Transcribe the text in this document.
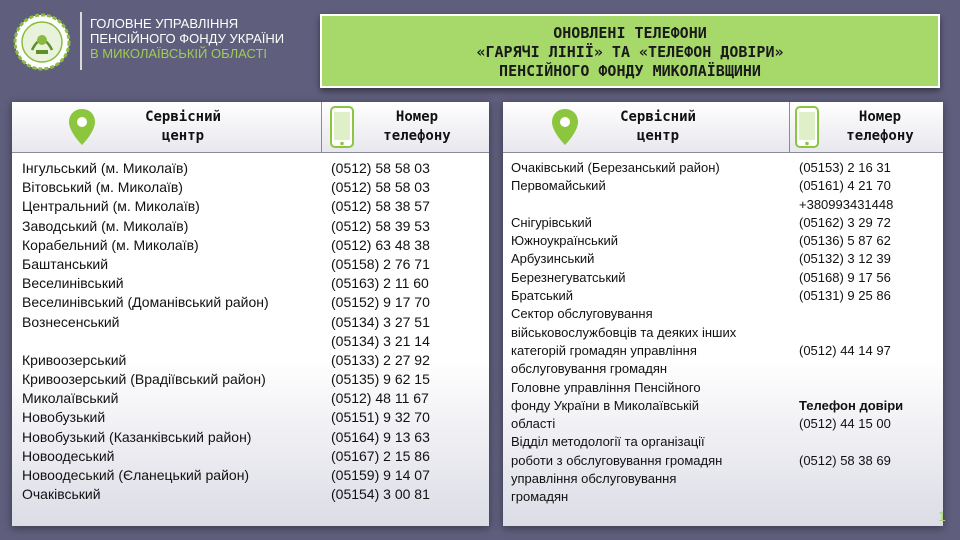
ГОЛОВНЕ УПРАВЛІННЯ
ПЕНСІЙНОГО ФОНДУ УКРАЇНИ
В МИКОЛАЇВСЬКІЙ ОБЛАСТІ
ОНОВЛЕНІ ТЕЛЕФОНИ
«ГАРЯЧІ ЛІНІЇ» ТА «ТЕЛЕФОН ДОВІРИ»
ПЕНСІЙНОГО ФОНДУ МИКОЛАЇВЩИНИ
Сервісний
центр
Номер
телефону
Інгульський (м. Миколаїв)
Вітовський (м. Миколаїв)
Центральний (м. Миколаїв)
Заводський (м. Миколаїв)
Корабельний (м. Миколаїв)
Баштанський
Веселинівський
Веселинівський (Доманівський район)
Вознесенський
Кривоозерський
Кривоозерський (Врадіївський район)
Миколаївський
Новобузький
Новобузький (Казанківський район)
Новоодеський
Новоодеський (Єланецький район)
Очаківський
(0512) 58 58 03
(0512) 58 58 03
(0512) 58 38 57
(0512) 58 39 53
(0512) 63 48 38
(05158) 2 76 71
(05163) 2 11 60
(05152) 9 17 70
(05134) 3 27 51
(05134) 3 21 14
(05133) 2 27 92
(05135) 9 62 15
(0512) 48 11 67
(05151) 9 32 70
(05164) 9 13 63
(05167) 2 15 86
(05159) 9 14 07
(05154) 3 00 81
Сервісний
центр
Номер
телефону
Очаківський (Березанський район)
Первомайський
Снігурівський
Южноукраїнський
Арбузинський
Березнегуватський
Братський
Сектор обслуговування
військовослужбовців та деяких інших
категорій громадян управління
обслуговування громадян
Головне управління Пенсійного
фонду України в Миколаївській
області
Відділ методології та організації
роботи з обслуговування громадян
управління обслуговування
громадян
(05153) 2 16 31
(05161) 4 21 70
+380993431448
(05162) 3 29 72
(05136) 5 87 62
(05132) 3 12 39
(05168) 9 17 56
(05131) 9 25 86
(0512) 44 14 97
Телефон довіри
(0512) 44 15 00
(0512) 58 38 69
1
